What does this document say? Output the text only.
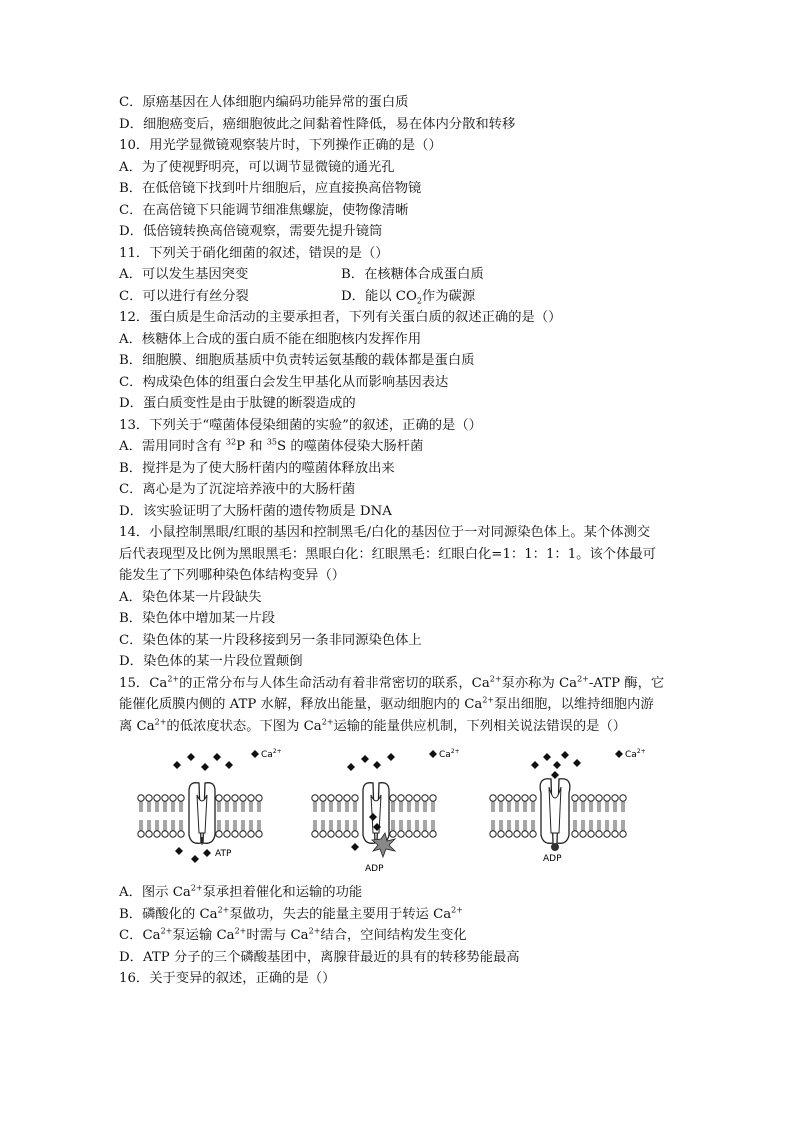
C．原癌基因在人体细胞内编码功能异常的蛋白质
D．细胞癌变后，癌细胞彼此之间黏着性降低，易在体内分散和转移
10．用光学显微镜观察装片时，下列操作正确的是（）
A．为了使视野明亮，可以调节显微镜的通光孔
B．在低倍镜下找到叶片细胞后，应直接换高倍物镜
C．在高倍镜下只能调节细准焦螺旋，使物像清晰
D．低倍镜转换高倍镜观察，需要先提升镜筒
11．下列关于硝化细菌的叙述，错误的是（）
A．可以发生基因突变	B．在核糖体合成蛋白质
C．可以进行有丝分裂	D．能以 $CO_2$作为碳源
12．蛋白质是生命活动的主要承担者，下列有关蛋白质的叙述正确的是（）
A．核糖体上合成的蛋白质不能在细胞核内发挥作用
B．细胞膜、细胞质基质中负责转运氨基酸的载体都是蛋白质
C．构成染色体的组蛋白会发生甲基化从而影响基因表达
D．蛋白质变性是由于肽键的断裂造成的
13．下列关于“噬菌体侵染细菌的实验”的叙述，正确的是（）
A．需用同时含有 $^{32}$P 和 $^{35}$S 的噬菌体侵染大肠杆菌
B．搅拌是为了使大肠杆菌内的噬菌体释放出来
C．离心是为了沉淀培养液中的大肠杆菌
D．该实验证明了大肠杆菌的遗传物质是 DNA
14．小鼠控制黑眼/红眼的基因和控制黑毛/白化的基因位于一对同源染色体上。某个体测交
后代表现型及比例为黑眼黑毛：黑眼白化：红眼黑毛：红眼白化=1：1：1：1。该个体最可
能发生了下列哪种染色体结构变异（）
A．染色体某一片段缺失
B．染色体中增加某一片段
C．染色体的某一片段移接到另一条非同源染色体上
D．染色体的某一片段位置颠倒
15．$Ca^{2+}$的正常分布与人体生命活动有着非常密切的联系，$Ca^{2+}$泵亦称为 $Ca^{2+}$-ATP 酶，它
能催化质膜内侧的 ATP 水解，释放出能量，驱动细胞内的 $Ca^{2+}$泵出细胞，以维持细胞内游
离 $Ca^{2+}$的低浓度状态。下图为 $Ca^{2+}$运输的能量供应机制，下列相关说法错误的是（）
ATP
$Ca^{2+}$
ADP
$Ca^{2+}$
ADP
$Ca^{2+}$
A．图示 $Ca^{2+}$泵承担着催化和运输的功能
B．磷酸化的 $Ca^{2+}$泵做功，失去的能量主要用于转运 $Ca^{2+}$
C．$Ca^{2+}$泵运输 $Ca^{2+}$时需与 $Ca^{2+}$结合，空间结构发生变化
D．ATP 分子的三个磷酸基团中，离腺苷最近的具有的转移势能最高
16．关于变异的叙述，正确的是（）
